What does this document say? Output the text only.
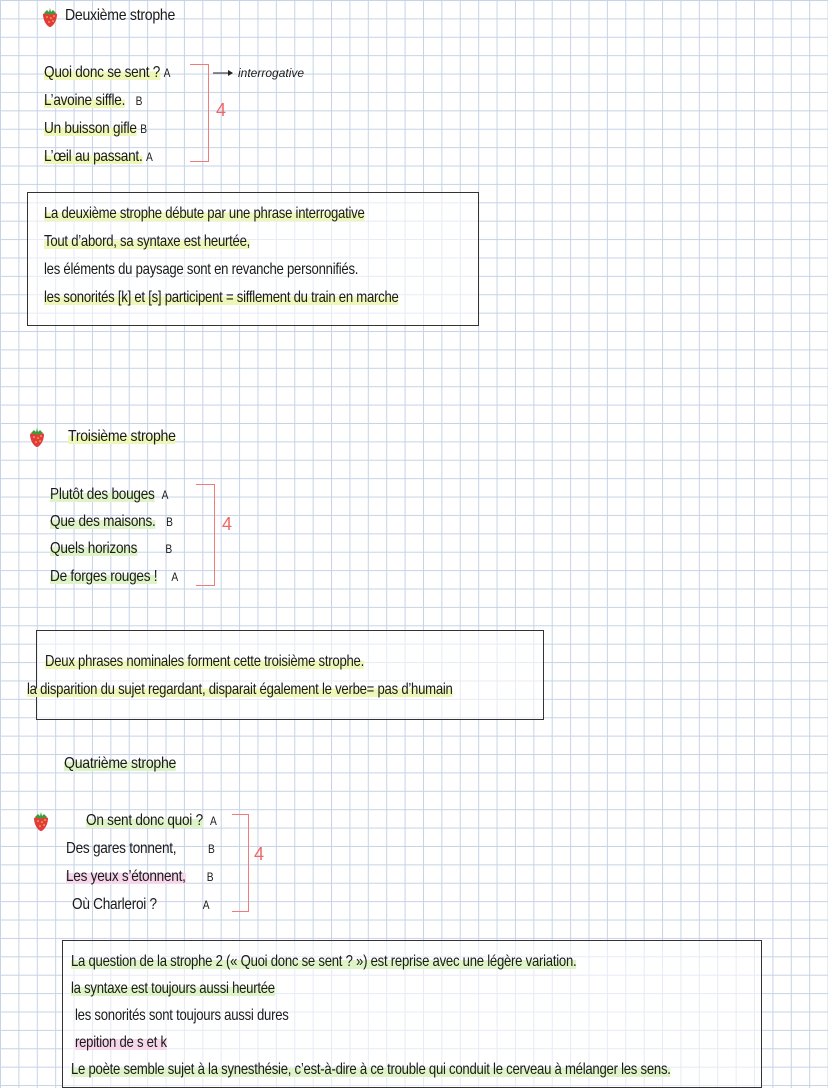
Deuxième strophe
Quoi donc se sent ? A
L’avoine siffle. B
Un buisson gifle B
L’œil au passant. A
4
interrogative
La deuxième strophe débute par une phrase interrogative
Tout d’abord, sa syntaxe est heurtée,
les éléments du paysage sont en revanche personnifiés.
les sonorités [k] et [s] participent = sifflement du train en marche
Troisième strophe
Plutôt des bouges A
Que des maisons. B
Quels horizons B
De forges rouges ! A
4
Deux phrases nominales forment cette troisième strophe.
la disparition du sujet regardant, disparait également le verbe= pas d’humain
Quatrième strophe
On sent donc quoi ? A
Des gares tonnent,	B
Les yeux s’étonnent, B
Où Charleroi ?	A
4
La question de la strophe 2 (« Quoi donc se sent ? ») est reprise avec une légère variation.
la syntaxe est toujours aussi heurtée
les sonorités sont toujours aussi dures
repition de s et k
Le poète semble sujet à la synesthésie, c’est-à-dire à ce trouble qui conduit le cerveau à mélanger les sens.
